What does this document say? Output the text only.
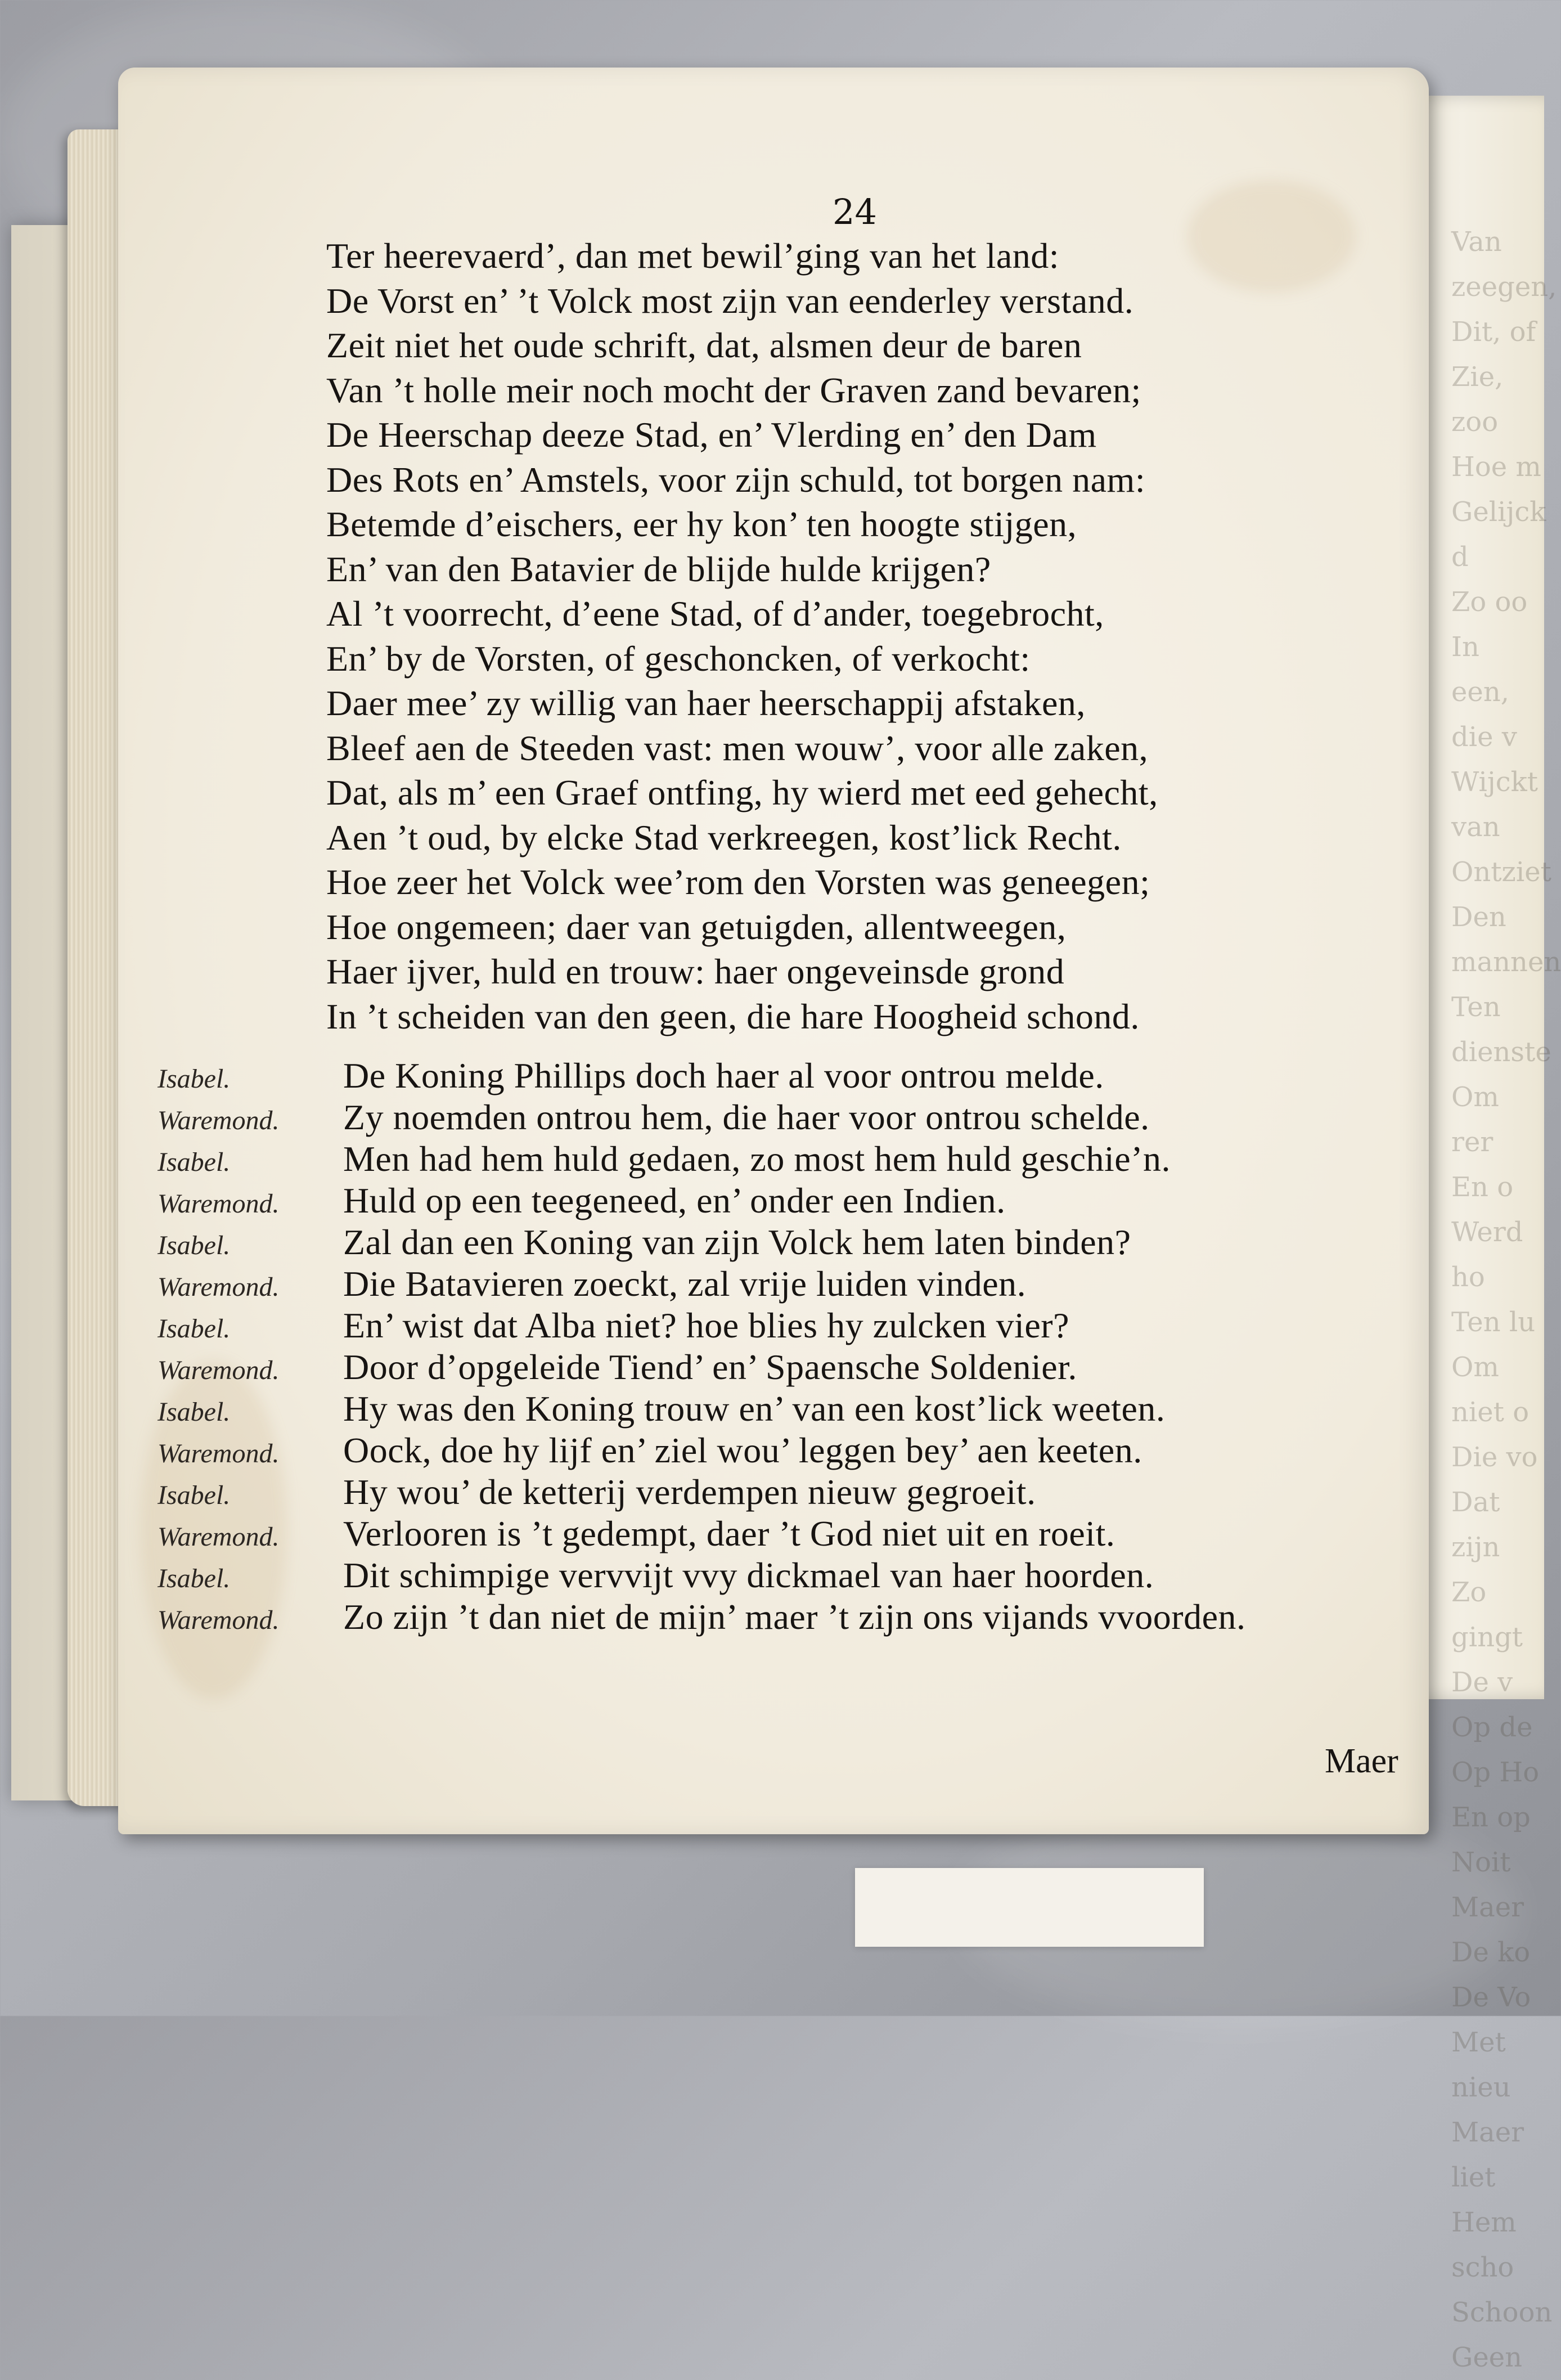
Van zeegen,
Dit, of
Zie, zoo
Hoe m
Gelijck d
Zo oo
In een, die v
Wijckt van
Ontziet
Den mannen
Ten dienste
Om rer
En o
Werd ho
Ten lu
Om niet o
Die vo
Dat zijn
Zo gingt
De v
Op de
Op Ho
En op
Noit
Maer
De ko
De Vo
Met nieu
Maer liet
Hem scho
Schoon
Geen

24

Ter heerevaerd’, dan met bewil’ging van het land:
De Vorst en’ ’t Volck most zijn van eenderley verstand.
Zeit niet het oude schrift, dat, alsmen deur de baren
Van ’t holle meir noch mocht der Graven zand bevaren;
De Heerschap deeze Stad, en’ Vlerding en’ den Dam
Des Rots en’ Amstels, voor zijn schuld, tot borgen nam:
Betemde d’eischers, eer hy kon’ ten hoogte stijgen,
En’ van den Batavier de blijde hulde krijgen?
Al ’t voorrecht, d’eene Stad, of d’ander, toegebrocht,
En’ by de Vorsten, of geschoncken, of verkocht:
Daer mee’ zy willig van haer heerschappij afstaken,
Bleef aen de Steeden vast: men wouw’, voor alle zaken,
Dat, als m’ een Graef ontfing, hy wierd met eed gehecht,
Aen ’t oud, by elcke Stad verkreegen, kost’lick Recht.
Hoe zeer het Volck wee’rom den Vorsten was geneegen;
Hoe ongemeen; daer van getuigden, allentweegen,
Haer ijver, huld en trouw: haer ongeveinsde grond
In ’t scheiden van den geen, die hare Hoogheid schond.
Isabel.	De Koning Phillips doch haer al voor ontrou melde.
Waremond.	Zy noemden ontrou hem, die haer voor ontrou schelde.
Isabel.	Men had hem huld gedaen, zo most hem huld geschie’n.
Waremond.	Huld op een teegeneed, en’ onder een Indien.
Isabel.	Zal dan een Koning van zijn Volck hem laten binden?
Waremond.	Die Batavieren zoeckt, zal vrije luiden vinden.
Isabel.	En’ wist dat Alba niet? hoe blies hy zulcken vier?
Waremond.	Door d’opgeleide Tiend’ en’ Spaensche Soldenier.
Isabel.	Hy was den Koning trouw en’ van een kost’lick weeten.
Waremond.	Oock, doe hy lijf en’ ziel wou’ leggen bey’ aen keeten.
Isabel.	Hy wou’ de ketterij verdempen nieuw gegroeit.
Waremond.	Verlooren is ’t gedempt, daer ’t God niet uit en roeit.
Isabel.	Dit schimpige vervvijt vvy dickmael van haer hoorden.
Waremond.	Zo zijn ’t dan niet de mijn’ maer ’t zijn ons vijands vvoorden.

Maer
